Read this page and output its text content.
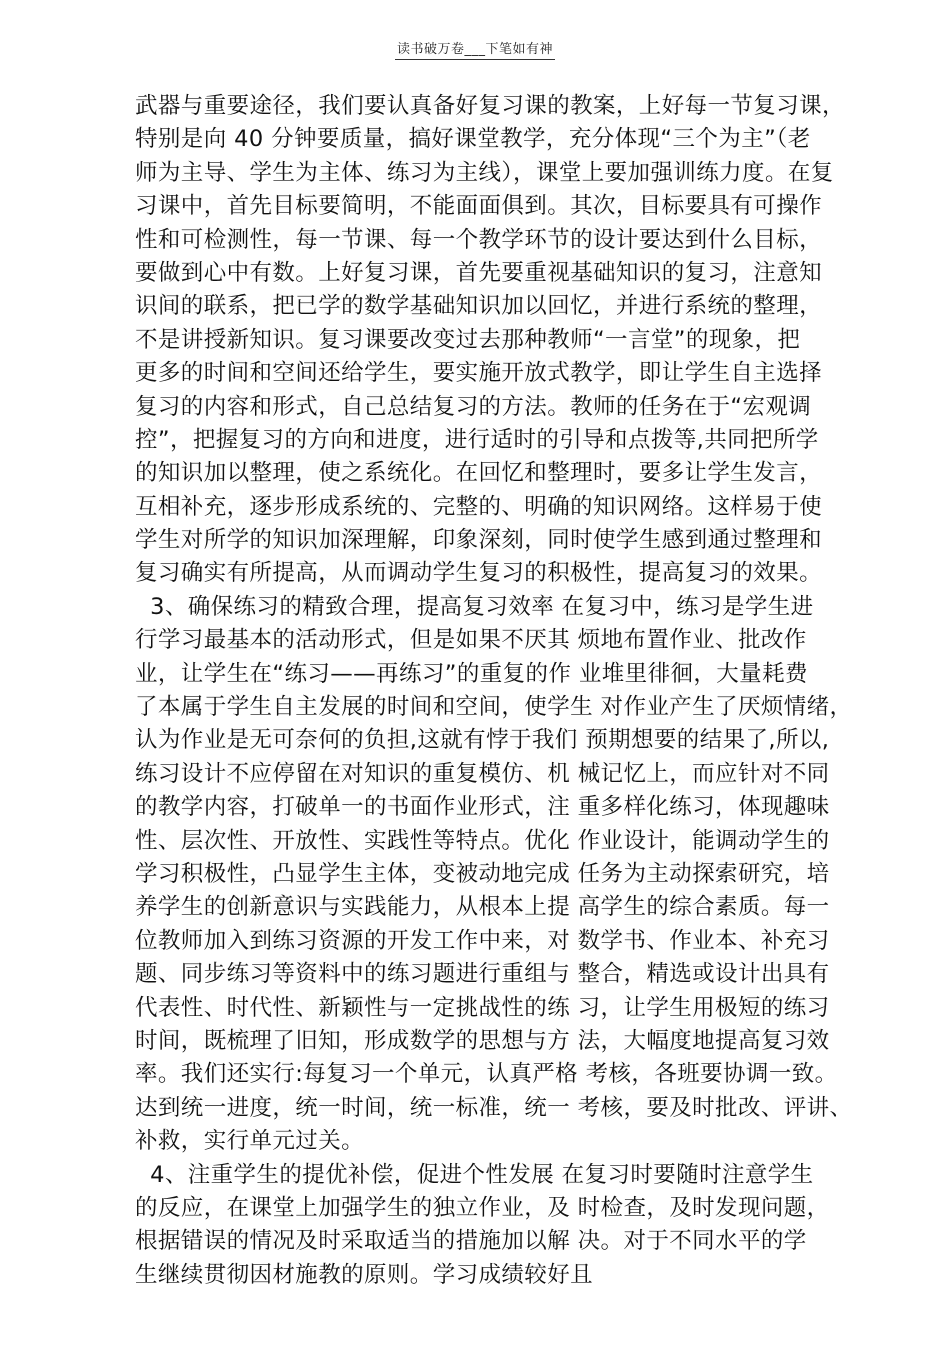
读书破万卷___下笔如有神
武器与重要途径，我们要认真备好复习课的教案，上好每一节复习课，
特别是向 40 分钟要质量，搞好课堂教学，充分体现“三个为主”（老
师为主导、学生为主体、练习为主线），课堂上要加强训练力度。在复
习课中，首先目标要简明，不能面面俱到。其次，目标要具有可操作
性和可检测性，每一节课、每一个教学环节的设计要达到什么目标，
要做到心中有数。上好复习课，首先要重视基础知识的复习，注意知
识间的联系，把已学的数学基础知识加以回忆，并进行系统的整理，
不是讲授新知识。复习课要改变过去那种教师“一言堂”的现象，把
更多的时间和空间还给学生，要实施开放式教学，即让学生自主选择
复习的内容和形式，自己总结复习的方法。教师的任务在于“宏观调
控”，把握复习的方向和进度，进行适时的引导和点拨等,共同把所学
的知识加以整理，使之系统化。在回忆和整理时，要多让学生发言，
互相补充，逐步形成系统的、完整的、明确的知识网络。这样易于使
学生对所学的知识加深理解，印象深刻，同时使学生感到通过整理和
复习确实有所提高，从而调动学生复习的积极性，提高复习的效果。
3、确保练习的精致合理，提高复习效率 在复习中，练习是学生进
行学习最基本的活动形式，但是如果不厌其 烦地布置作业、批改作
业，让学生在“练习——再练习”的重复的作 业堆里徘徊，大量耗费
了本属于学生自主发展的时间和空间，使学生 对作业产生了厌烦情绪，
认为作业是无可奈何的负担,这就有悖于我们 预期想要的结果了,所以,
练习设计不应停留在对知识的重复模仿、机 械记忆上，而应针对不同
的教学内容，打破单一的书面作业形式，注 重多样化练习，体现趣味
性、层次性、开放性、实践性等特点。优化 作业设计，能调动学生的
学习积极性，凸显学生主体，变被动地完成 任务为主动探索研究，培
养学生的创新意识与实践能力，从根本上提 高学生的综合素质。每一
位教师加入到练习资源的开发工作中来，对 数学书、作业本、补充习
题、同步练习等资料中的练习题进行重组与 整合，精选或设计出具有
代表性、时代性、新颖性与一定挑战性的练 习，让学生用极短的练习
时间，既梳理了旧知，形成数学的思想与方 法，大幅度地提高复习效
率。我们还实行:每复习一个单元，认真严格 考核，各班要协调一致。
达到统一进度，统一时间，统一标准，统一 考核，要及时批改、评讲、
补救，实行单元过关。
4、注重学生的提优补偿，促进个性发展 在复习时要随时注意学生
的反应，在课堂上加强学生的独立作业，及 时检查，及时发现问题，
根据错误的情况及时采取适当的措施加以解 决。对于不同水平的学
生继续贯彻因材施教的原则。学习成绩较好且
